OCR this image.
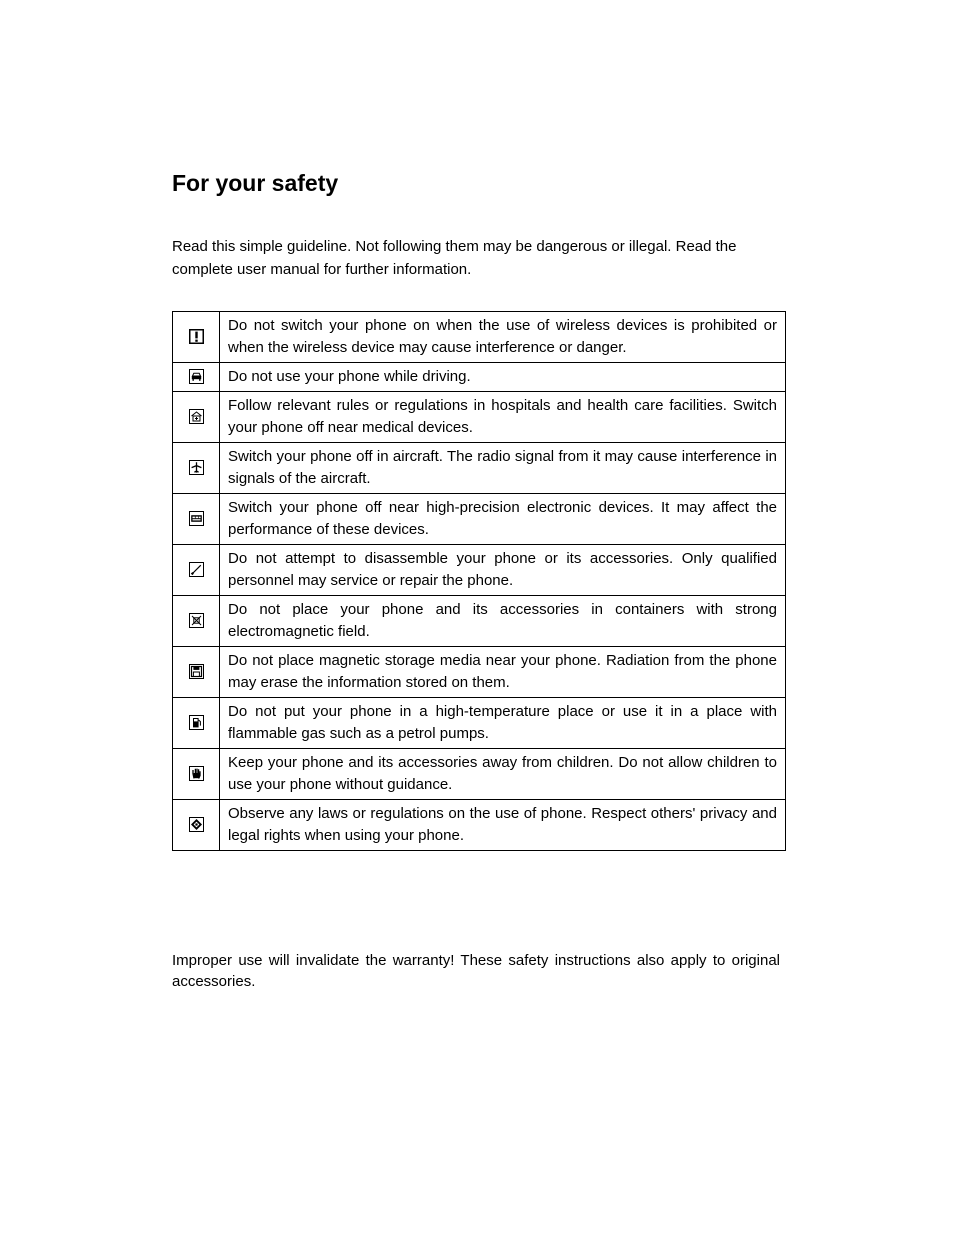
For your safety

Read this simple guideline. Not following them may be dangerous or illegal. Read the complete user manual for further information.

	Do not switch your phone on when the use of wireless devices is prohibited or when the wireless device may cause interference or danger.

	Do not use your phone while driving.

	Follow relevant rules or regulations in hospitals and health care facilities. Switch your phone off near medical devices.

	Switch your phone off in aircraft. The radio signal from it may cause interference in signals of the aircraft.

	Switch your phone off near high-precision electronic devices. It may affect the performance of these devices.

	Do not attempt to disassemble your phone or its accessories. Only qualified personnel may service or repair the phone.

	Do not place your phone and its accessories in containers with strong electromagnetic field.

	Do not place magnetic storage media near your phone. Radiation from the phone may erase the information stored on them.

	Do not put your phone in a high-temperature place or use it in a place with flammable gas such as a petrol pumps.

	Keep your phone and its accessories away from children. Do not allow children to use your phone without guidance.

	Observe any laws or regulations on the use of phone. Respect others' privacy and legal rights when using your phone.

Improper use will invalidate the warranty! These safety instructions also apply to original accessories.
